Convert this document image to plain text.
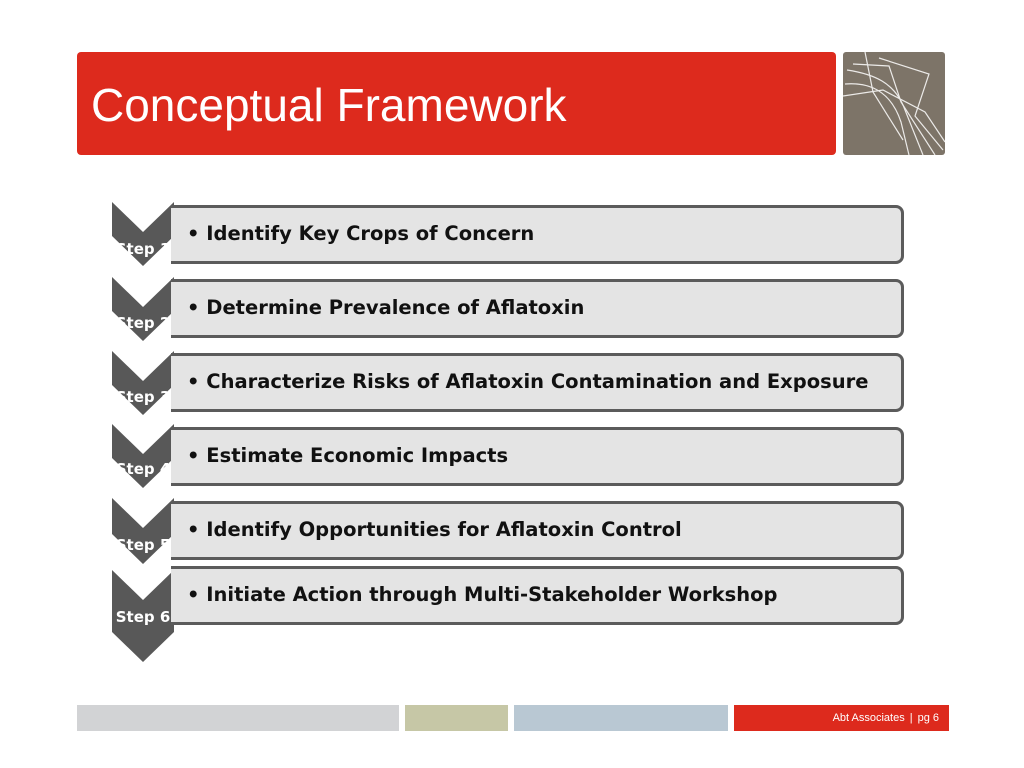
Conceptual Framework
Step 1
• Identify Key Crops of Concern
Step 2
• Determine Prevalence of Aflatoxin
Step 3
• Characterize Risks of Aflatoxin Contamination and Exposure
Step 4
• Estimate Economic Impacts
Step 5
• Identify Opportunities for Aflatoxin Control
Step 6
• Initiate Action through Multi-Stakeholder Workshop
Abt Associates | pg 6
